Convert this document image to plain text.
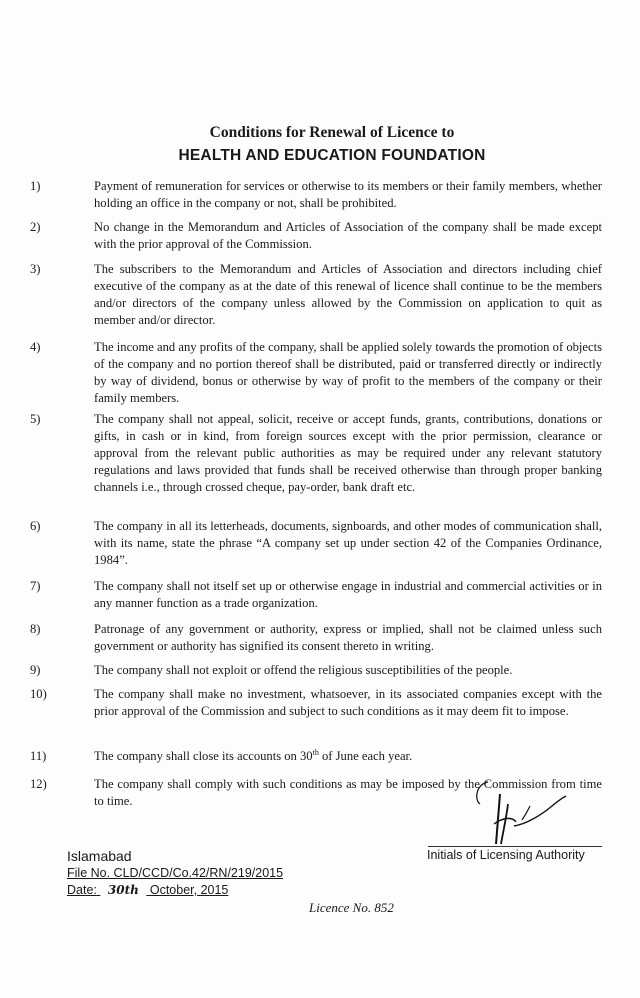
Conditions for Renewal of Licence to
HEALTH AND EDUCATION FOUNDATION
1)	Payment of remuneration for services or otherwise to its members or their family members, whether holding an office in the company or not, shall be prohibited.
2)	No change in the Memorandum and Articles of Association of the company shall be made except with the prior approval of the Commission.
3)	The subscribers to the Memorandum and Articles of Association and directors including chief executive of the company as at the date of this renewal of licence shall continue to be the members and/or directors of the company unless allowed by the Commission on application to quit as member and/or director.
4)	The income and any profits of the company, shall be applied solely towards the promotion of objects of the company and no portion thereof shall be distributed, paid or transferred directly or indirectly by way of dividend, bonus or otherwise by way of profit to the members of the company or their family members.
5)	The company shall not appeal, solicit, receive or accept funds, grants, contributions, donations or gifts, in cash or in kind, from foreign sources except with the prior permission, clearance or approval from the relevant public authorities as may be required under any relevant statutory regulations and laws provided that funds shall be received otherwise than through proper banking channels i.e., through crossed cheque, pay-order, bank draft etc.
6)	The company in all its letterheads, documents, signboards, and other modes of communication shall, with its name, state the phrase “A company set up under section 42 of the Companies Ordinance, 1984”.
7)	The company shall not itself set up or otherwise engage in industrial and commercial activities or in any manner function as a trade organization.
8)	Patronage of any government or authority, express or implied, shall not be claimed unless such government or authority has signified its consent thereto in writing.
9)	The company shall not exploit or offend the religious susceptibilities of the people.
10)	The company shall make no investment, whatsoever, in its associated companies except with the prior approval of the Commission and subject to such conditions as it may deem fit to impose.
11)	The company shall close its accounts on 30th of June each year.
12)	The company shall comply with such conditions as may be imposed by the Commission from time to time.
Initials of Licensing Authority
Islamabad
File No. CLD/CCD/Co.42/RN/219/2015
Date: 30th October, 2015
Licence No. 852
